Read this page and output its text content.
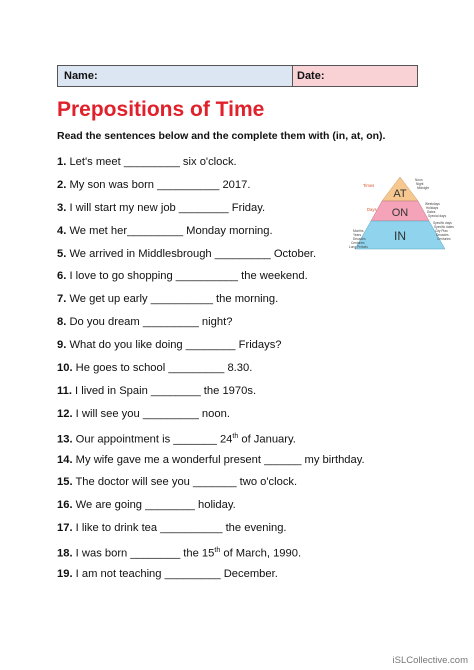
Name:	Date:
Prepositions of Time
Read the sentences below and the complete them with (in, at, on).
1. Let's meet _________ six o'clock.
2. My son was born __________ 2017.
3. I will start my new job ________ Friday.
4. We met her_________ Monday morning.
5. We arrived in Middlesbrough _________ October.
6. I love to go shopping __________ the weekend.
7. We get up early __________ the morning.
8. Do you dream _________ night?
9. What do you like doing ________ Fridays?
10. He goes to school _________ 8.30.
11. I lived in Spain ________ the 1970s.
12. I will see you _________ noon.
13. Our appointment is _______ 24th of January.
14. My wife gave me a wonderful present ______ my birthday.
15. The doctor will see you _______ two o'clock.
16. We are going ________ holiday.
17. I like to drink tea __________ the evening.
18. I was born ________ the 15th of March, 1990.
19. I am not teaching _________ December.
AT
ON
IN
Times
Days
Months
Years
Decades
Centuries
Long Periods
Noon
Night
Midnight
Weekdays
Holidays
Dates
Special days
Specific days
Specific dates
City Plan
Decades
Centuries
iSLCollective.com
